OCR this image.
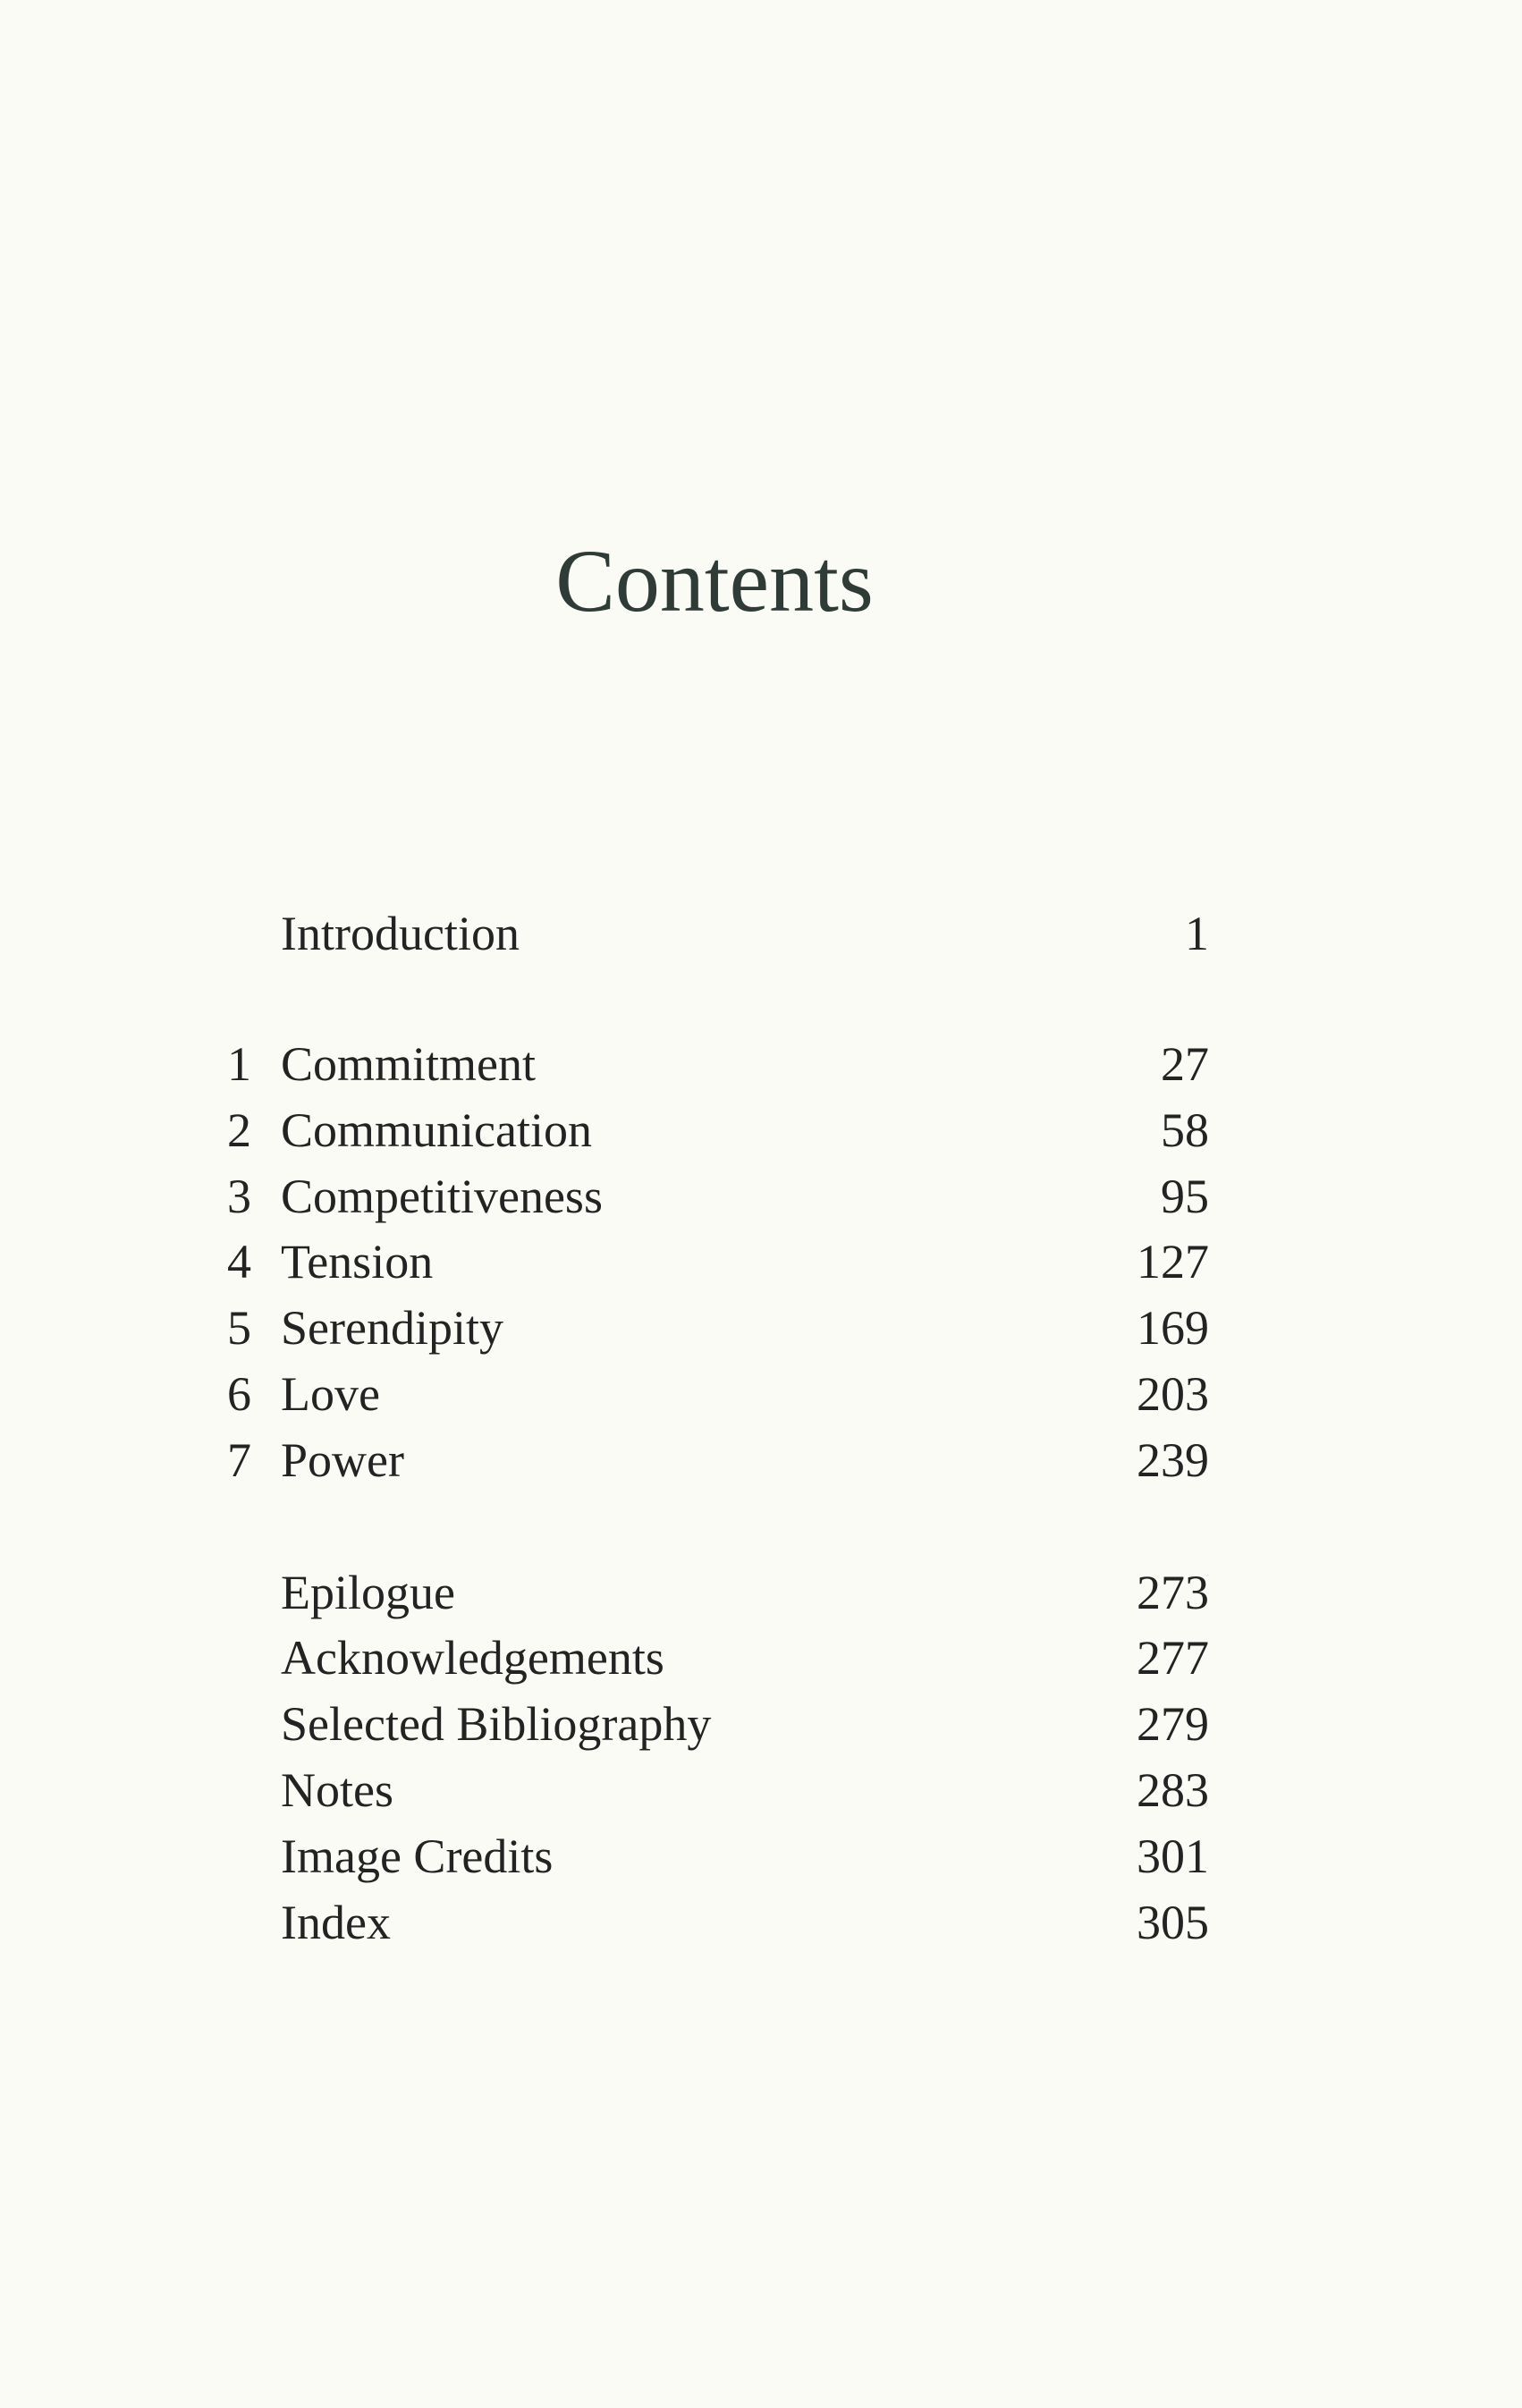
Contents
Introduction	1
1 Commitment	27
2 Communication	58
3 Competitiveness	95
4 Tension	127
5 Serendipity	169
6 Love	203
7 Power	239
Epilogue	273
Acknowledgements	277
Selected Bibliography	279
Notes	283
Image Credits	301
Index	305
